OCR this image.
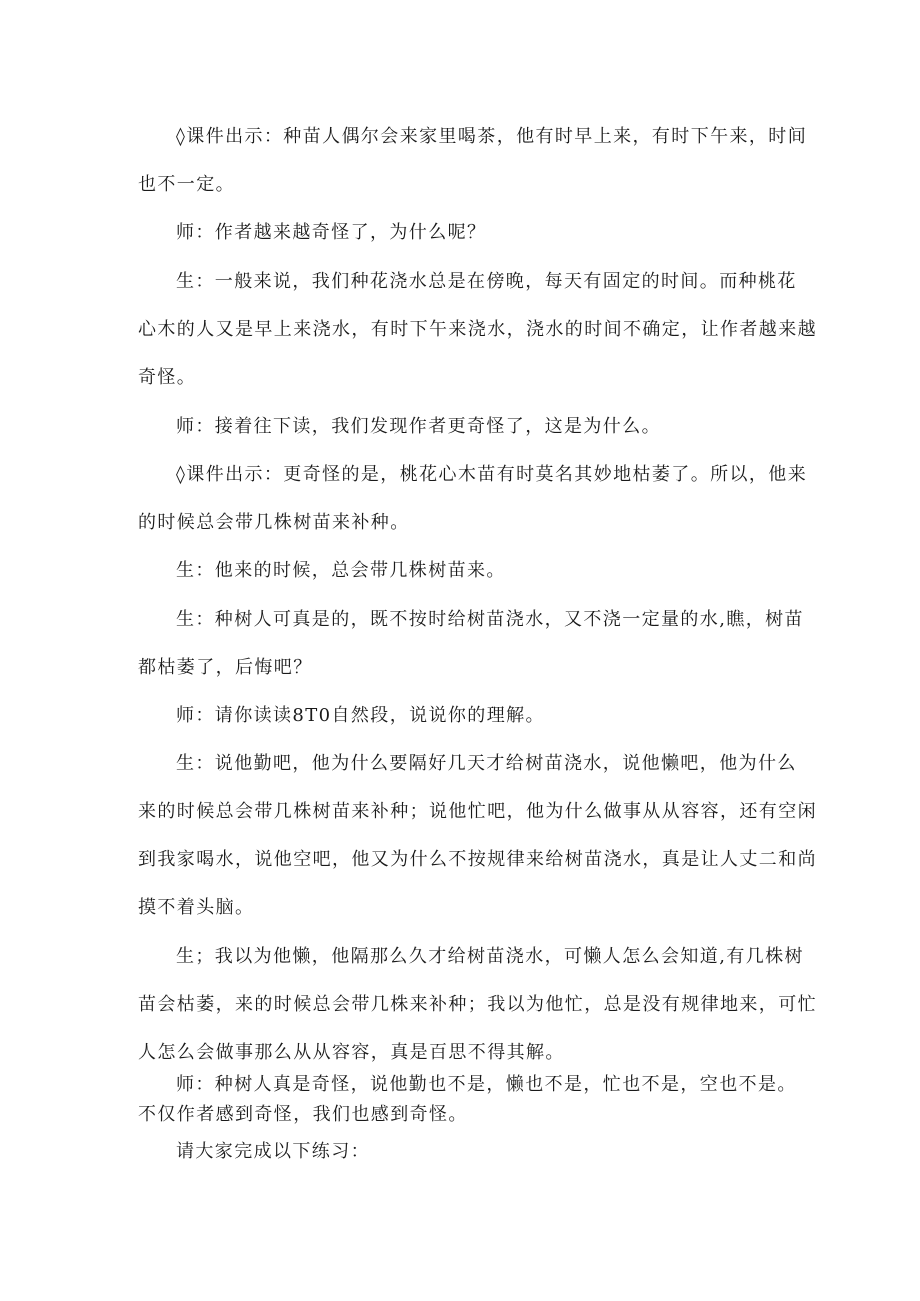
◊课件出示：种苗人偶尔会来家里喝茶，他有时早上来，有时下午来，时间
也不一定。
师：作者越来越奇怪了，为什么呢？
生：一般来说，我们种花浇水总是在傍晚，每天有固定的时间。而种桃花
心木的人又是早上来浇水，有时下午来浇水，浇水的时间不确定，让作者越来越
奇怪。
师：接着往下读，我们发现作者更奇怪了，这是为什么。
◊课件出示：更奇怪的是，桃花心木苗有时莫名其妙地枯萎了。所以，他来
的时候总会带几株树苗来补种。
生：他来的时候，总会带几株树苗来。
生：种树人可真是的，既不按时给树苗浇水，又不浇一定量的水,瞧，树苗
都枯萎了，后悔吧？
师：请你读读8T0自然段，说说你的理解。
生：说他勤吧，他为什么要隔好几天才给树苗浇水，说他懒吧，他为什么
来的时候总会带几株树苗来补种；说他忙吧，他为什么做事从从容容，还有空闲
到我家喝水，说他空吧，他又为什么不按规律来给树苗浇水，真是让人丈二和尚
摸不着头脑。
生；我以为他懒，他隔那么久才给树苗浇水，可懒人怎么会知道,有几株树
苗会枯萎，来的时候总会带几株来补种；我以为他忙，总是没有规律地来，可忙
人怎么会做事那么从从容容，真是百思不得其解。
师：种树人真是奇怪，说他勤也不是，懒也不是，忙也不是，空也不是。
不仅作者感到奇怪，我们也感到奇怪。
请大家完成以下练习：
